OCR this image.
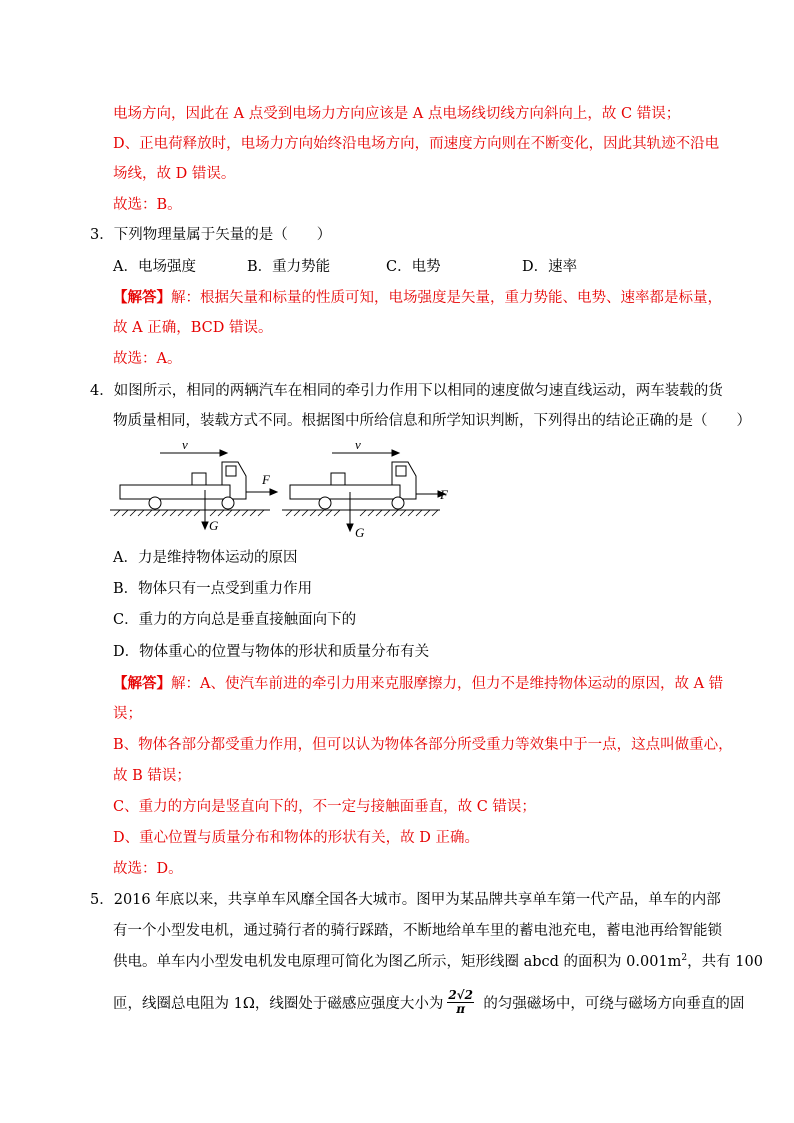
电场方向，因此在 A 点受到电场力方向应该是 A 点电场线切线方向斜向上，故 C 错误；
D、正电荷释放时，电场力方向始终沿电场方向，而速度方向则在不断变化，因此其轨迹不沿电
场线，故 D 错误。
故选：B。
3．下列物理量属于矢量的是（　　）
A．电场强度	B．重力势能	C．电势	D．速率
【解答】解：根据矢量和标量的性质可知，电场强度是矢量，重力势能、电势、速率都是标量，
故 A 正确，BCD 错误。
故选：A。
4．如图所示，相同的两辆汽车在相同的牵引力作用下以相同的速度做匀速直线运动，两车装载的货
物质量相同，装载方式不同。根据图中所给信息和所学知识判断，下列得出的结论正确的是（　　）
v
F
G
v
F
G
A．力是维持物体运动的原因
B．物体只有一点受到重力作用
C．重力的方向总是垂直接触面向下的
D．物体重心的位置与物体的形状和质量分布有关
【解答】解：A、使汽车前进的牵引力用来克服摩擦力，但力不是维持物体运动的原因，故 A 错
误；
B、物体各部分都受重力作用，但可以认为物体各部分所受重力等效集中于一点，这点叫做重心，
故 B 错误；
C、重力的方向是竖直向下的，不一定与接触面垂直，故 C 错误；
D、重心位置与质量分布和物体的形状有关，故 D 正确。
故选：D。
5．2016 年底以来，共享单车风靡全国各大城市。图甲为某品牌共享单车第一代产品，单车的内部
有一个小型发电机，通过骑行者的骑行踩踏，不断地给单车里的蓄电池充电，蓄电池再给智能锁
供电。单车内小型发电机发电原理可简化为图乙所示，矩形线圈 abcd 的面积为 $0.001m^2$，共有 100
匝，线圈总电阻为 1Ω，线圈处于磁感应强度大小为 $\frac{2√2}{\pi}$ 的匀强磁场中，可绕与磁场方向垂直的固
